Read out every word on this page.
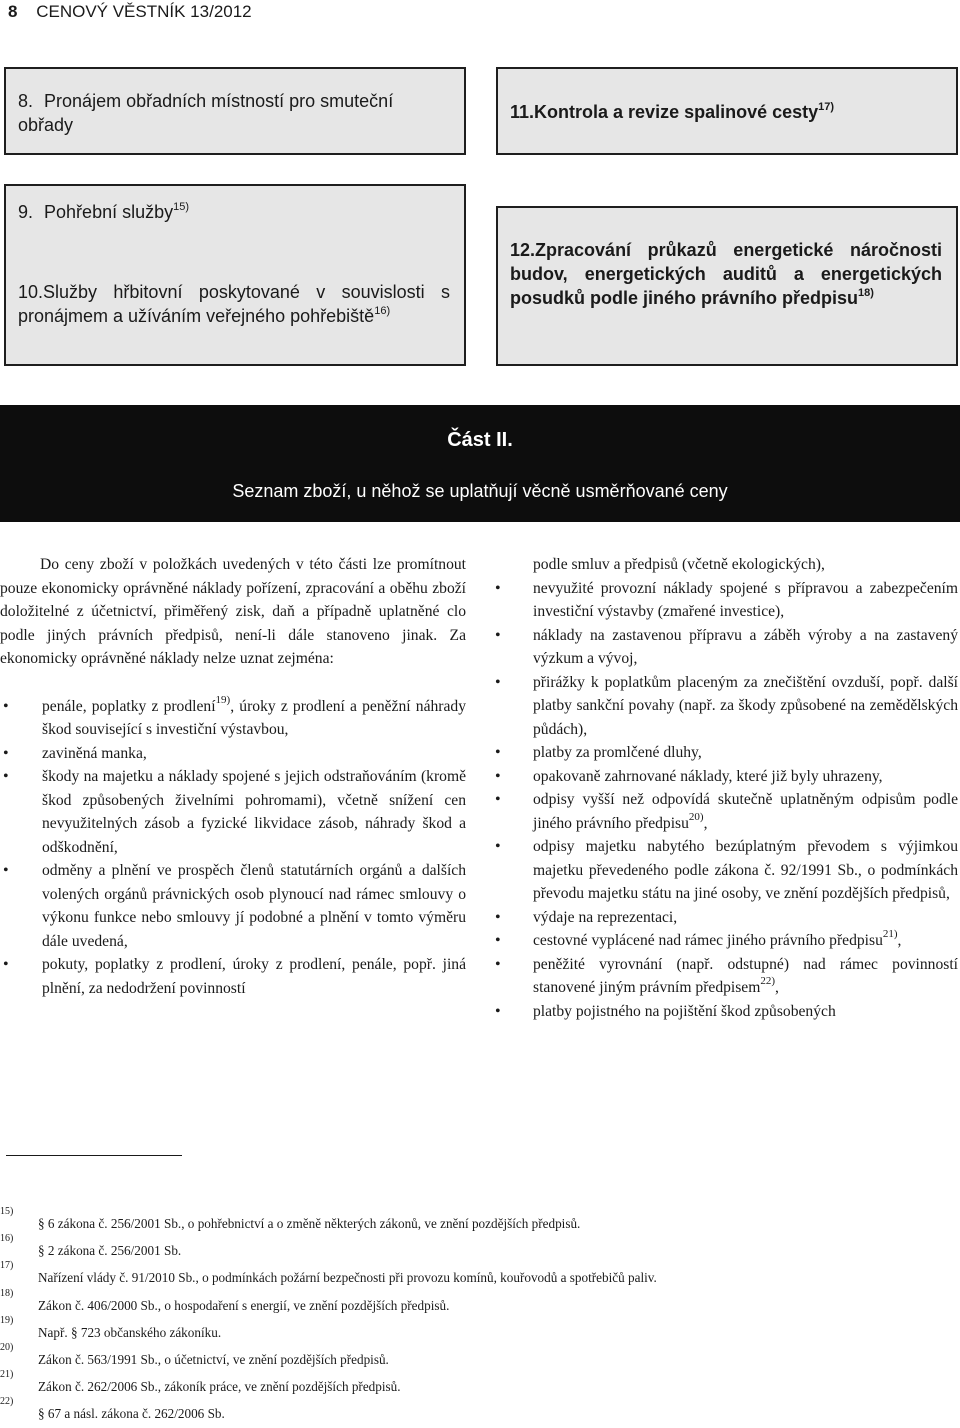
8 CENOVÝ VĚSTNÍK 13/2012
8. Pronájem obřadních místností pro smuteční obřady
11.Kontrola a revize spalinové cesty$^{17)}$
9. Pohřební služby$^{15)}$
10.Služby hřbitovní poskytované v souvislosti s pronájmem a užíváním veřejného pohřebiště$^{16)}$
12.Zpracování průkazů energetické náročnosti budov, energetických auditů a energetických posudků podle jiného právního předpisu$^{18)}$
Část II.
Seznam zboží, u něhož se uplatňují věcně usměrňované ceny

Do ceny zboží v položkách uvedených v této části lze promítnout pouze ekonomicky oprávněné náklady pořízení, zpracování a oběhu zboží doložitelné z účetnictví, přiměřený zisk, daň a případně uplatněné clo podle jiných právních předpisů, není-li dále stanoveno jinak. Za ekonomicky oprávněné náklady nelze uznat zejména:

• penále, poplatky z prodlení$^{19)}$, úroky z prodlení a peněžní náhrady škod související s investiční výstavbou,
• zaviněná manka,
• škody na majetku a náklady spojené s jejich odstraňováním (kromě škod způsobených živelními pohromami), včetně snížení cen nevyužitelných zásob a fyzické likvidace zásob, náhrady škod a odškodnění,
• odměny a plnění ve prospěch členů statutárních orgánů a dalších volených orgánů právnických osob plynoucí nad rámec smlouvy o výkonu funkce nebo smlouvy jí podobné a plnění v tomto výměru dále uvedená,
• pokuty, poplatky z prodlení, úroky z prodlení, penále, popř. jiná plnění, za nedodržení povinností

podle smluv a předpisů (včetně ekologických),

• nevyužité provozní náklady spojené s přípravou a zabezpečením investiční výstavby (zmařené investice),
• náklady na zastavenou přípravu a záběh výroby a na zastavený výzkum a vývoj,
• přirážky k poplatkům placeným za znečištění ovzduší, popř. další platby sankční povahy (např. za škody způsobené na zemědělských půdách),
• platby za promlčené dluhy,
• opakovaně zahrnované náklady, které již byly uhrazeny,
• odpisy vyšší než odpovídá skutečně uplatněným odpisům podle jiného právního předpisu$^{20)}$,
• odpisy majetku nabytého bezúplatným převodem s výjimkou majetku převedeného podle zákona č. 92/1991 Sb., o podmínkách převodu majetku státu na jiné osoby, ve znění pozdějších předpisů,
• výdaje na reprezentaci,
• cestovné vyplácené nad rámec jiného právního předpisu$^{21)}$,
• peněžité vyrovnání (např. odstupné) nad rámec povinností stanovené jiným právním předpisem$^{22)}$,
• platby pojistného na pojištění škod způsobených
15)
§ 6 zákona č. 256/2001 Sb., o pohřebnictví a o změně některých zákonů, ve znění pozdějších předpisů.
16)
§ 2 zákona č. 256/2001 Sb.
17)
Nařízení vlády č. 91/2010 Sb., o podmínkách požární bezpečnosti při provozu komínů, kouřovodů a spotřebičů paliv.
18)
Zákon č. 406/2000 Sb., o hospodaření s energií, ve znění pozdějších předpisů.
19)
Např. § 723 občanského zákoníku.
20)
Zákon č. 563/1991 Sb., o účetnictví, ve znění pozdějších předpisů.
21)
Zákon č. 262/2006 Sb., zákoník práce, ve znění pozdějších předpisů.
22)
§ 67 a násl. zákona č. 262/2006 Sb.
